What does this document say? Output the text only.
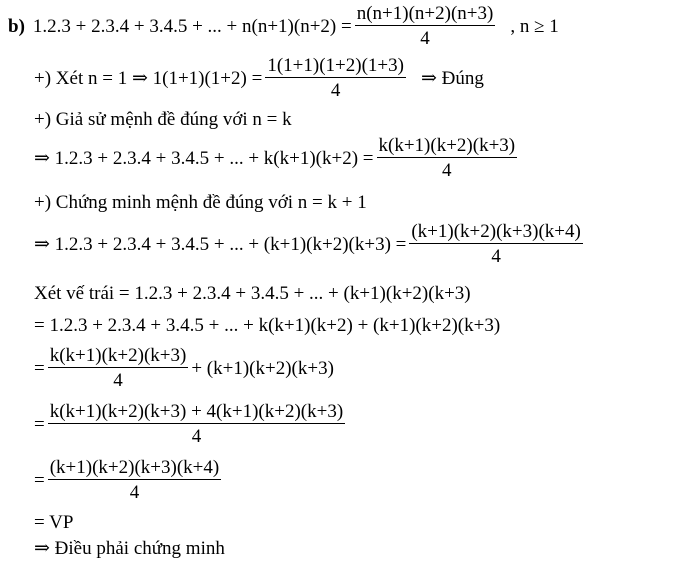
b) 1.2.3 + 2.3.4 + 3.4.5 + ... + $n(n+1)(n+2) = \frac{n(n+1)(n+2)(n+3)}{4}$ , n ≥ 1
+) Xét n = 1 ⇒ $1(1+1)(1+2) = \frac{1(1+1)(1+2)(1+3)}{4}$ ⇒ Đúng
+) Giả sử mệnh đề đúng với n = k
⇒ 1.2.3 + 2.3.4 + 3.4.5 + ... + $k(k+1)(k+2) = \frac{k(k+1)(k+2)(k+3)}{4}$
+) Chứng minh mệnh đề đúng với n = k + 1
⇒ 1.2.3 + 2.3.4 + 3.4.5 + ... + $(k+1)(k+2)(k+3) = \frac{(k+1)(k+2)(k+3)(k+4)}{4}$
Xét vế trái = 1.2.3 + 2.3.4 + 3.4.5 + ... + (k+1)(k+2)(k+3)
= 1.2.3 + 2.3.4 + 3.4.5 + ... + k(k+1)(k+2) + (k+1)(k+2)(k+3)
= $\frac{k(k+1)(k+2)(k+3)}{4} + (k+1)(k+2)(k+3)$
= $\frac{k(k+1)(k+2)(k+3) + 4(k+1)(k+2)(k+3)}{4}$
= $\frac{(k+1)(k+2)(k+3)(k+4)}{4}$
= VP
⇒ Điều phải chứng minh
